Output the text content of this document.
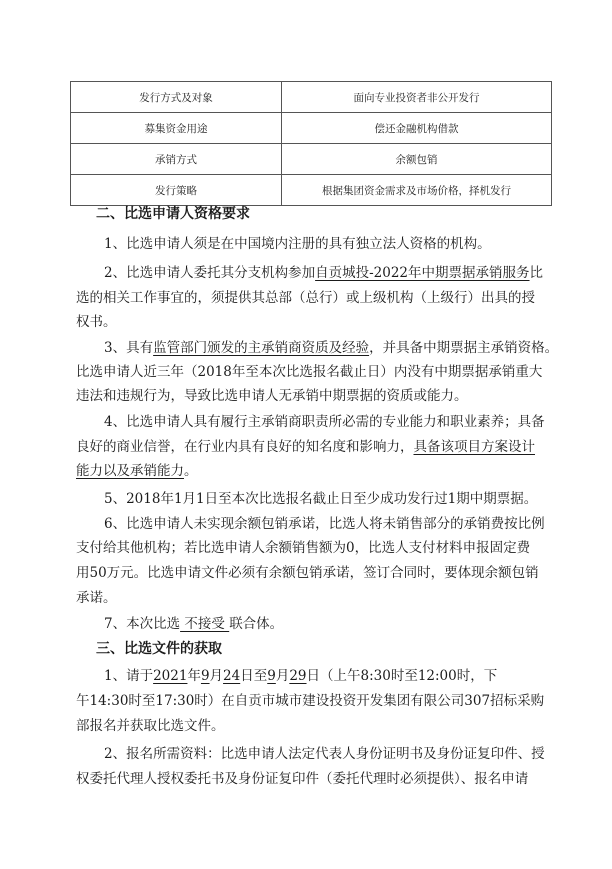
发行方式及对象	面向专业投资者非公开发行
募集资金用途	偿还金融机构借款
承销方式	余额包销
发行策略	根据集团资金需求及市场价格，择机发行
二、比选申请人资格要求
1、比选申请人须是在中国境内注册的具有独立法人资格的机构。
2、比选申请人委托其分支机构参加自贡城投-2022年中期票据承销服务比
选的相关工作事宜的，须提供其总部（总行）或上级机构（上级行）出具的授
权书。
3、具有监管部门颁发的主承销商资质及经验，并具备中期票据主承销资格。
比选申请人近三年（2018年至本次比选报名截止日）内没有中期票据承销重大
违法和违规行为，导致比选申请人无承销中期票据的资质或能力。
4、比选申请人具有履行主承销商职责所必需的专业能力和职业素养；具备
良好的商业信誉，在行业内具有良好的知名度和影响力，具备该项目方案设计
能力以及承销能力。
5、2018年1月1日至本次比选报名截止日至少成功发行过1期中期票据。
6、比选申请人未实现余额包销承诺，比选人将未销售部分的承销费按比例
支付给其他机构；若比选申请人余额销售额为0，比选人支付材料申报固定费
用50万元。比选申请文件必须有余额包销承诺，签订合同时，要体现余额包销
承诺。
7、本次比选 不接受 联合体。
三、比选文件的获取
1、请于2021年9月24日至9月29日（上午8:30时至12:00时，下
午14:30时至17:30时）在自贡市城市建设投资开发集团有限公司307招标采购
部报名并获取比选文件。
2、报名所需资料：比选申请人法定代表人身份证明书及身份证复印件、授
权委托代理人授权委托书及身份证复印件（委托代理时必须提供）、报名申请
